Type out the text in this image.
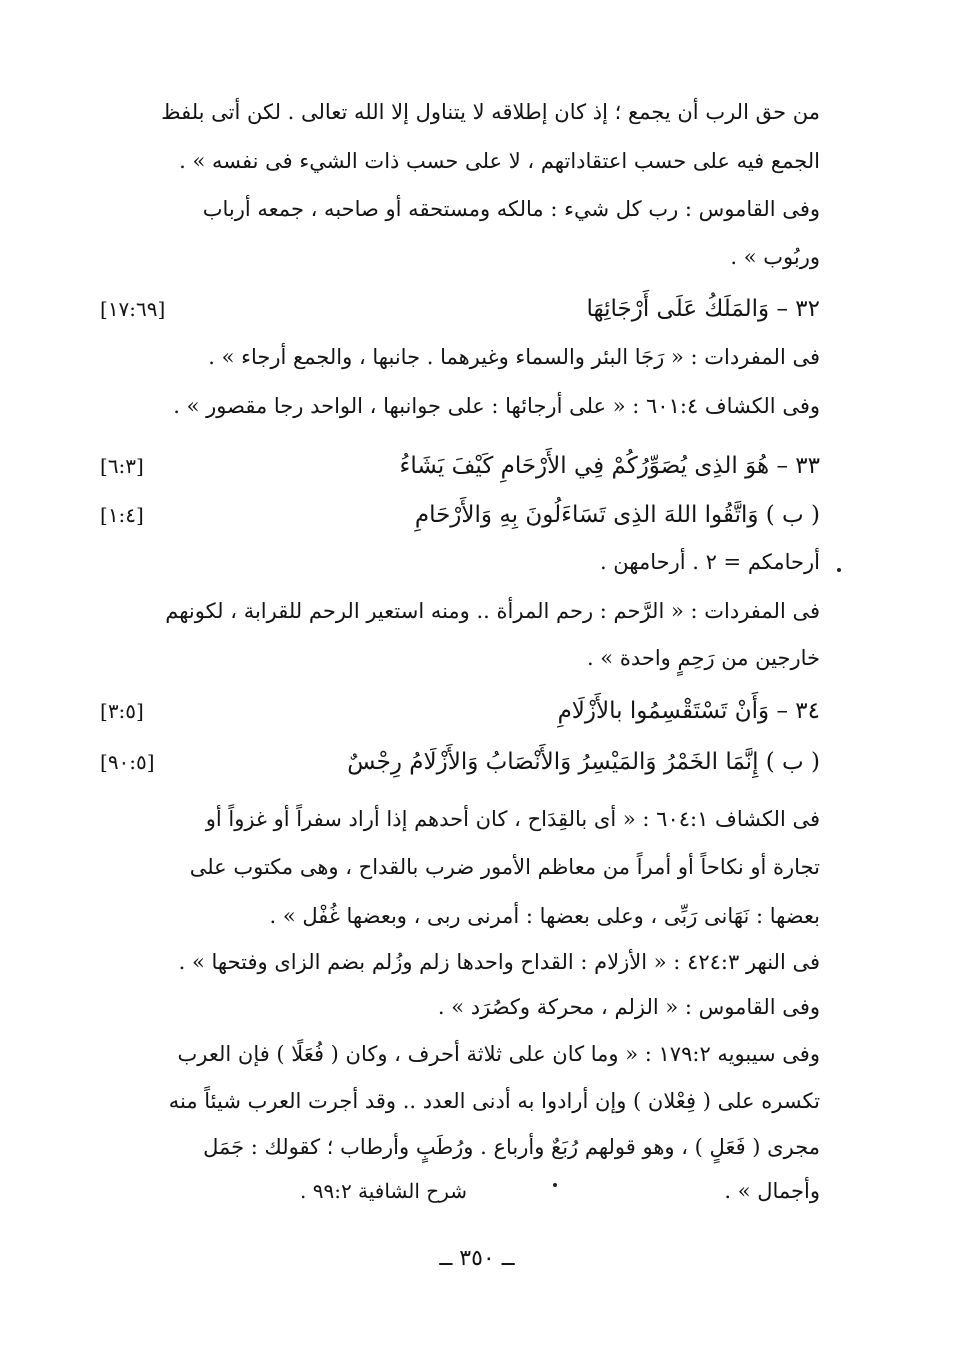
من حق الرب أن يجمع ؛ إذ كان إطلاقه لا يتناول إلا الله تعالى . لكن أتى بلفظ
الجمع فيه على حسب اعتقاداتهم ، لا على حسب ذات الشيء فى نفسه » .
وفى القاموس : رب كل شيء : مالكه ومستحقه أو صاحبه ، جمعه أرباب
وربُوب » .
٣٢ – وَالمَلَكُ عَلَى أَرْجَائِهَا
[١٧:٦٩]
فى المفردات : « رَجَا البئر والسماء وغيرهما . جانبها ، والجمع أرجاء » .
وفى الكشاف ٦٠١:٤ : « على أرجائها : على جوانبها ، الواحد رجا مقصور » .
٣٣ – هُوَ الذِى يُصَوِّرُكُمْ فِي الأَرْحَامِ كَيْفَ يَشَاءُ
[٦:٣]
( ب ) وَاتَّقُوا اللهَ الذِى تَسَاءَلُونَ بِهِ وَالأَرْحَامِ
[١:٤]
أرحامكم = ٢ . أرحامهن .
فى المفردات : « الرَّحم : رحم المرأة .. ومنه استعير الرحم للقرابة ، لكونهم
خارجين من رَحِمٍ واحدة » .
٣٤ – وَأَنْ تَسْتَقْسِمُوا بالأَزْلَامِ
[٣:٥]
( ب ) إِنَّمَا الخَمْرُ وَالمَيْسِرُ وَالأَنْصَابُ وَالأَزْلَامُ رِجْسٌ
[٩٠:٥]
فى الكشاف ٦٠٤:١ : « أى بالقِدَاح ، كان أحدهم إذا أراد سفراً أو غزواً أو
تجارة أو نكاحاً أو أمراً من معاظم الأمور ضرب بالقداح ، وهى مكتوب على
بعضها : نَهَانى رَبِّى ، وعلى بعضها : أمرنى ربى ، وبعضها غُفْل » .
فى النهر ٤٢٤:٣ : « الأزلام : القداح واحدها زلم وزُلم بضم الزاى وفتحها » .
وفى القاموس : « الزلم ، محركة وكصُرَد » .
وفى سيبويه ١٧٩:٢ : « وما كان على ثلاثة أحرف ، وكان ( فُعَلًا ) فإن العرب
تكسره على ( فِعْلان ) وإن أرادوا به أدنى العدد .. وقد أجرت العرب شيئاً منه
مجرى ( فَعَلٍ ) ، وهو قولهم رُبَعٌ وأرباع . ورُطَبٍ وأرطاب ؛ كقولك : جَمَل
وأجمال » .
شرح الشافية ٩٩:٢ .
ــ ٣٥٠ ــ
